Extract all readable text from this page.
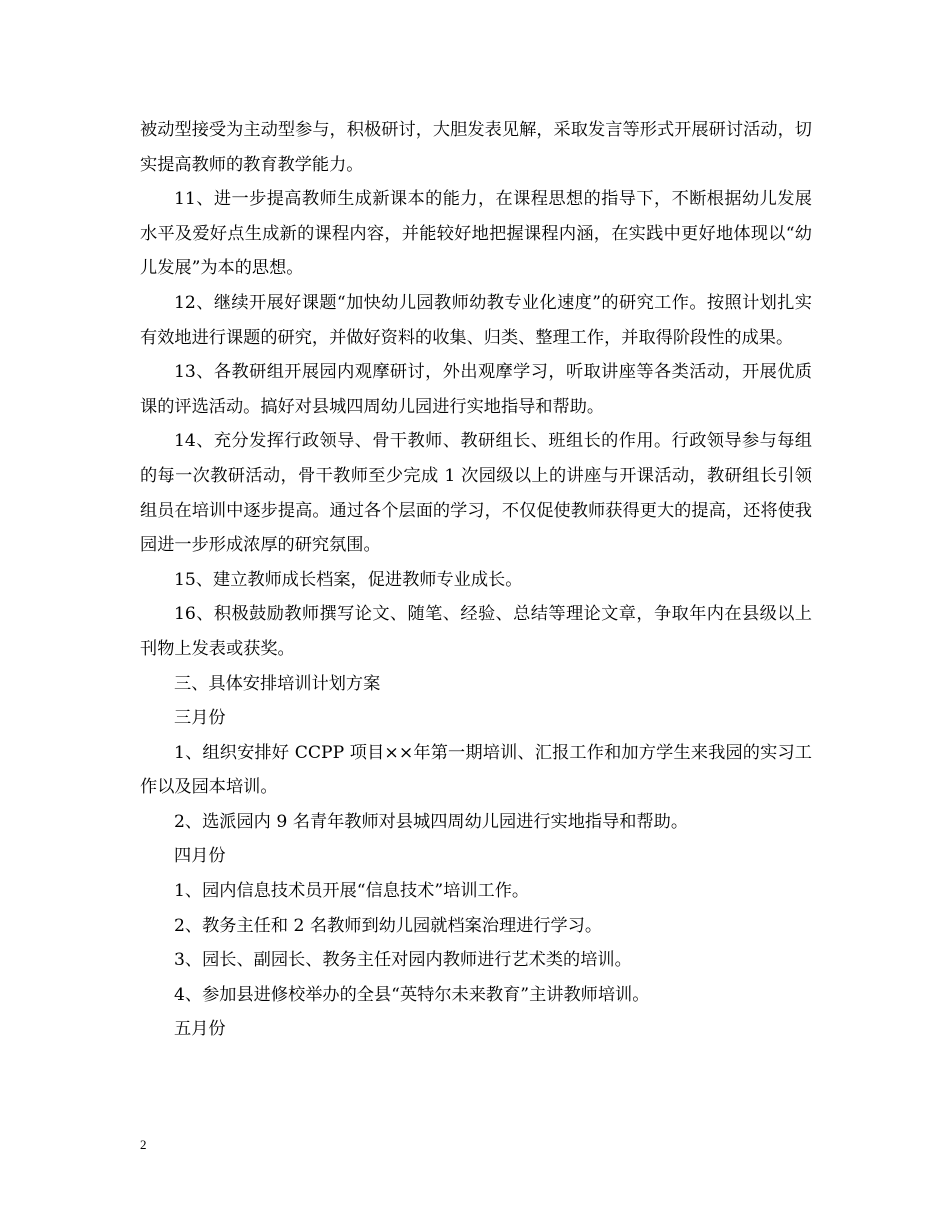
被动型接受为主动型参与，积极研讨，大胆发表见解，采取发言等形式开展研讨活动，切实提高教师的教育教学能力。

11、进一步提高教师生成新课本的能力，在课程思想的指导下，不断根据幼儿发展水平及爱好点生成新的课程内容，并能较好地把握课程内涵，在实践中更好地体现以“幼儿发展”为本的思想。

12、继续开展好课题“加快幼儿园教师幼教专业化速度”的研究工作。按照计划扎实有效地进行课题的研究，并做好资料的收集、归类、整理工作，并取得阶段性的成果。

13、各教研组开展园内观摩研讨，外出观摩学习，听取讲座等各类活动，开展优质课的评选活动。搞好对县城四周幼儿园进行实地指导和帮助。

14、充分发挥行政领导、骨干教师、教研组长、班组长的作用。行政领导参与每组的每一次教研活动，骨干教师至少完成 1 次园级以上的讲座与开课活动，教研组长引领组员在培训中逐步提高。通过各个层面的学习，不仅促使教师获得更大的提高，还将使我园进一步形成浓厚的研究氛围。

15、建立教师成长档案，促进教师专业成长。

16、积极鼓励教师撰写论文、随笔、经验、总结等理论文章，争取年内在县级以上刊物上发表或获奖。

三、具体安排培训计划方案

三月份

1、组织安排好 CCPP 项目××年第一期培训、汇报工作和加方学生来我园的实习工作以及园本培训。

2、选派园内 9 名青年教师对县城四周幼儿园进行实地指导和帮助。

四月份

1、园内信息技术员开展“信息技术”培训工作。

2、教务主任和 2 名教师到幼儿园就档案治理进行学习。

3、园长、副园长、教务主任对园内教师进行艺术类的培训。

4、参加县进修校举办的全县“英特尔未来教育”主讲教师培训。

五月份

2
